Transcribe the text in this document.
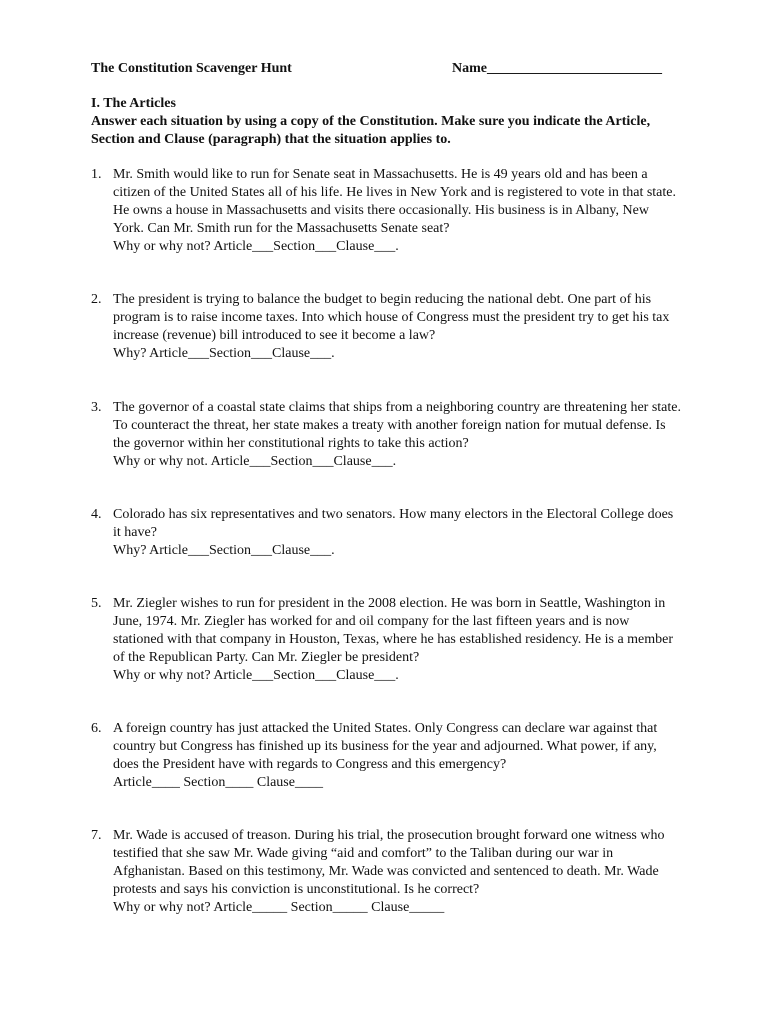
The Constitution Scavenger Hunt	Name_________________________
I. The Articles
Answer each situation by using a copy of the Constitution. Make sure you indicate the Article, Section and Clause (paragraph) that the situation applies to.
1. Mr. Smith would like to run for Senate seat in Massachusetts. He is 49 years old and has been a citizen of the United States all of his life. He lives in New York and is registered to vote in that state. He owns a house in Massachusetts and visits there occasionally. His business is in Albany, New York. Can Mr. Smith run for the Massachusetts Senate seat?

Why or why not? Article___Section___Clause___.

2. The president is trying to balance the budget to begin reducing the national debt. One part of his program is to raise income taxes. Into which house of Congress must the president try to get his tax increase (revenue) bill introduced to see it become a law?

Why? Article___Section___Clause___.

3. The governor of a coastal state claims that ships from a neighboring country are threatening her state. To counteract the threat, her state makes a treaty with another foreign nation for mutual defense. Is the governor within her constitutional rights to take this action?

Why or why not. Article___Section___Clause___.

4. Colorado has six representatives and two senators. How many electors in the Electoral College does it have?

Why? Article___Section___Clause___.

5. Mr. Ziegler wishes to run for president in the 2008 election. He was born in Seattle, Washington in June, 1974. Mr. Ziegler has worked for and oil company for the last fifteen years and is now stationed with that company in Houston, Texas, where he has established residency. He is a member of the Republican Party. Can Mr. Ziegler be president?

Why or why not? Article___Section___Clause___.

6. A foreign country has just attacked the United States. Only Congress can declare war against that country but Congress has finished up its business for the year and adjourned. What power, if any, does the President have with regards to Congress and this emergency?

Article____ Section____ Clause____

7. Mr. Wade is accused of treason. During his trial, the prosecution brought forward one witness who testified that she saw Mr. Wade giving “aid and comfort” to the Taliban during our war in Afghanistan. Based on this testimony, Mr. Wade was convicted and sentenced to death. Mr. Wade protests and says his conviction is unconstitutional. Is he correct?

Why or why not? Article_____ Section_____ Clause_____
